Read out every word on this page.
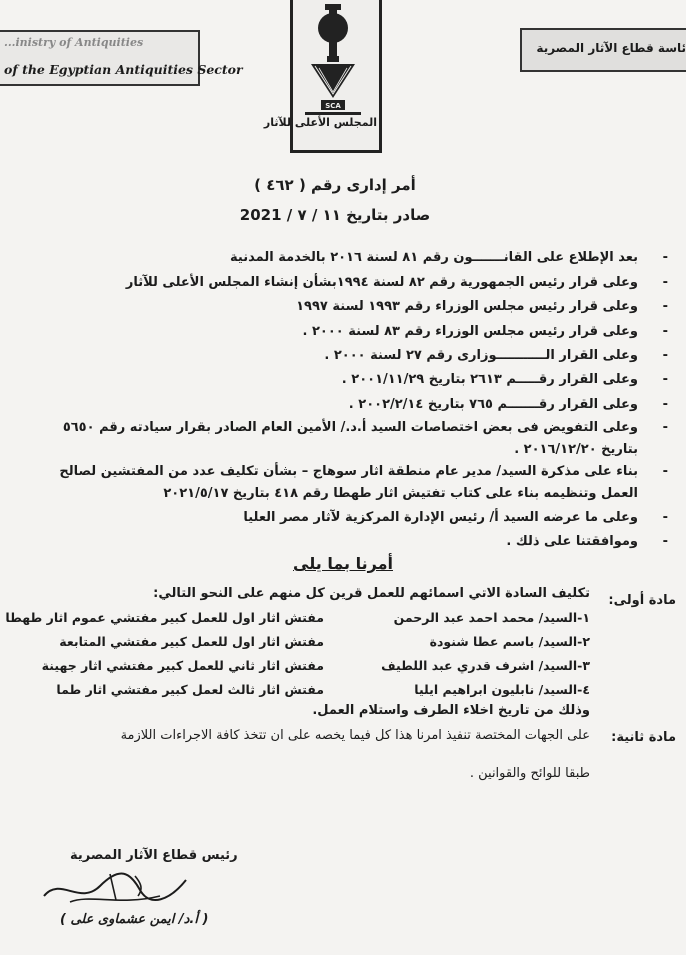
...inistry of Antiquities
of the Egyptian Antiquities Sector
SCA
المجلس الأعلى للآثار
ئاسة قطاع الآثار المصرية
أمر إدارى رقم ( ٤٦٢ )
صادر بتاريخ ١١ / ٧ / 2021
-
بعد الإطلاع على القانـــــــون رقم ٨١ لسنة ٢٠١٦ بالخدمة المدنية
-
وعلى قرار رئيس الجمهورية رقم ٨٢ لسنة ١٩٩٤بشأن إنشاء المجلس الأعلى للآثار
-
وعلى قرار رئيس مجلس الوزراء رقم ١٩٩٣ لسنة ١٩٩٧
-
وعلى قرار رئيس مجلس الوزراء رقم ٨٣ لسنة ٢٠٠٠ .
-
وعلى القرار الـــــــــــوزارى رقم ٢٧ لسنة ٢٠٠٠ .
-
وعلى القرار رقـــــم ٢٦١٣ بتاريخ ٢٠٠١/١١/٢٩ .
-
وعلى القرار رقـــــــم ٧٦٥ بتاريخ ٢٠٠٢/٢/١٤ .
-
وعلى التفويض فى بعض اختصاصات السيد أ.د./ الأمين العام الصادر بقرار سيادته رقم ٥٦٥٠
بتاريخ ٢٠١٦/١٢/٢٠ .
-
بناء على مذكرة السيد/ مدير عام منطقة اثار سوهاج – بشأن تكليف عدد من المفتشين لصالح
العمل وتنظيمه بناء على كتاب تفتيش اثار طهطا رقم ٤١٨ بتاريخ ٢٠٢١/٥/١٧
-
وعلى ما عرضه السيد أ/ رئيس الإدارة المركزية لآثار مصر العليا
-
وموافقتنا على ذلك .
أمرنا بما يلى
مادة أولى:
تكليف السادة الاتي اسمائهم للعمل قرين كل منهم على النحو التالي:
١-السيد/ محمد احمد عبد الرحمن
مفتش اثار اول للعمل كبير مفتشي عموم اثار طهطا
٢-السيد/ باسم عطا شنودة
مفتش اثار اول للعمل كبير مفتشي المتابعة
٣-السيد/ اشرف قدري عبد اللطيف
مفتش اثار ثاني للعمل كبير مفتشي اثار جهينة
٤-السيد/ نابليون ابراهيم ايليا
مفتش اثار ثالث لعمل كبير مفتشي اثار طما
وذلك من تاريخ اخلاء الطرف واستلام العمل.
مادة ثانية:
على الجهات المختصة تنفيذ امرنا هذا كل فيما يخصه على ان تتخذ كافة الاجراءات اللازمة
طبقا للوائح والقوانين .
رئيس قطاع الآثار المصرية
( أ.د/ ايمن عشماوى على )
